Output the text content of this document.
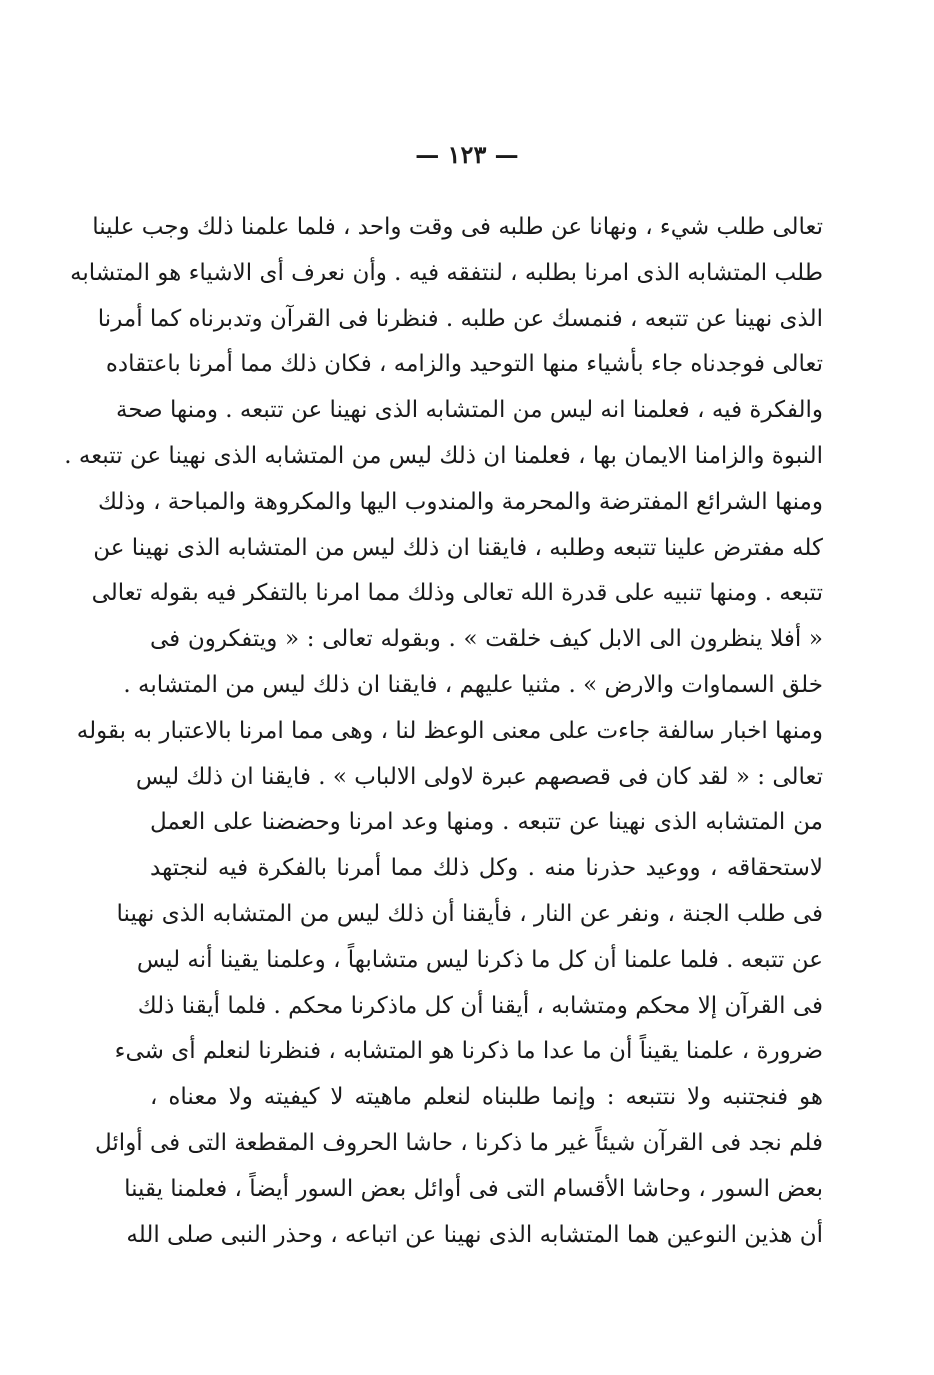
— ١٢٣ —
تعالى طلب شيء ، ونهانا عن طلبه فى وقت واحد ، فلما علمنا ذلك وجب علينا
طلب المتشابه الذى امرنا بطلبه ، لنتفقه فيه . وأن نعرف أى الاشياء هو المتشابه
الذى نهينا عن تتبعه ، فنمسك عن طلبه . فنظرنا فى القرآن وتدبرناه كما أمرنا
تعالى فوجدناه جاء بأشياء منها التوحيد والزامه ، فكان ذلك مما أمرنا باعتقاده
والفكرة فيه ، فعلمنا انه ليس من المتشابه الذى نهينا عن تتبعه . ومنها صحة
النبوة والزامنا الايمان بها ، فعلمنا ان ذلك ليس من المتشابه الذى نهينا عن تتبعه .
ومنها الشرائع المفترضة والمحرمة والمندوب اليها والمكروهة والمباحة ، وذلك
كله مفترض علينا تتبعه وطلبه ، فايقنا ان ذلك ليس من المتشابه الذى نهينا عن
تتبعه . ومنها تنبيه على قدرة الله تعالى وذلك مما امرنا بالتفكر فيه بقوله تعالى
« أفلا ينظرون الى الابل كيف خلقت » . وبقوله تعالى : « ويتفكرون فى
خلق السماوات والارض » . مثنيا عليهم ، فايقنا ان ذلك ليس من المتشابه .
ومنها اخبار سالفة جاءت على معنى الوعظ لنا ، وهى مما امرنا بالاعتبار به بقوله
تعالى : « لقد كان فى قصصهم عبرة لاولى الالباب » . فايقنا ان ذلك ليس
من المتشابه الذى نهينا عن تتبعه . ومنها وعد امرنا وحضضنا على العمل
لاستحقاقه ، ووعيد حذرنا منه . وكل ذلك مما أمرنا بالفكرة فيه لنجتهد
فى طلب الجنة ، ونفر عن النار ، فأيقنا أن ذلك ليس من المتشابه الذى نهينا
عن تتبعه . فلما علمنا أن كل ما ذكرنا ليس متشابهاً ، وعلمنا يقينا أنه ليس
فى القرآن إلا محكم ومتشابه ، أيقنا أن كل ماذكرنا محكم . فلما أيقنا ذلك
ضرورة ، علمنا يقيناً أن ما عدا ما ذكرنا هو المتشابه ، فنظرنا لنعلم أى شىء
هو فنجتنبه ولا نتتبعه : وإنما طلبناه لنعلم ماهيته لا كيفيته ولا معناه ،
فلم نجد فى القرآن شيئاً غير ما ذكرنا ، حاشا الحروف المقطعة التى فى أوائل
بعض السور ، وحاشا الأقسام التى فى أوائل بعض السور أيضاً ، فعلمنا يقينا
أن هذين النوعين هما المتشابه الذى نهينا عن اتباعه ، وحذر النبى صلى الله
